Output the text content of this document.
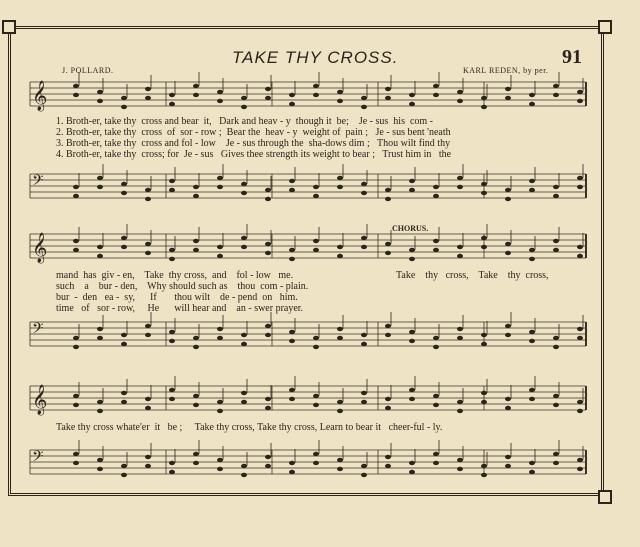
TAKE THY CROSS.	91
J. POLLARD.	KARL REDEN, by per.
CHORUS.
𝄞
𝄢
𝄞
𝄢
𝄞
𝄢
1. Broth-er, take thy  cross and bear  it,   Dark and heav - y  though it  be;    Je - sus  his  com -
2. Broth-er, take thy  cross  of  sor - row ;  Bear the  heav - y  weight of  pain ;   Je - sus bent 'neath
3. Broth-er, take thy  cross and fol - low    Je - sus through the  sha-dows dim ;   Thou wilt find thy
4. Broth-er, take thy  cross; for  Je - sus   Gives thee strength its weight to bear ;   Trust him in   the
mand  has  giv - en,    Take  thy cross,  and    fol - low   me.
such    a    bur - den,    Why should such as    thou  com - plain.
bur  -  den   ea -  sy,      If       thou wilt    de - pend  on   him.
time   of   sor - row,     He      will hear and    an - swer prayer.
Take    thy   cross,    Take    thy  cross,
Take thy cross whate'er  it   be ;     Take thy cross, Take thy cross, Learn to bear it   cheer-ful - ly.
